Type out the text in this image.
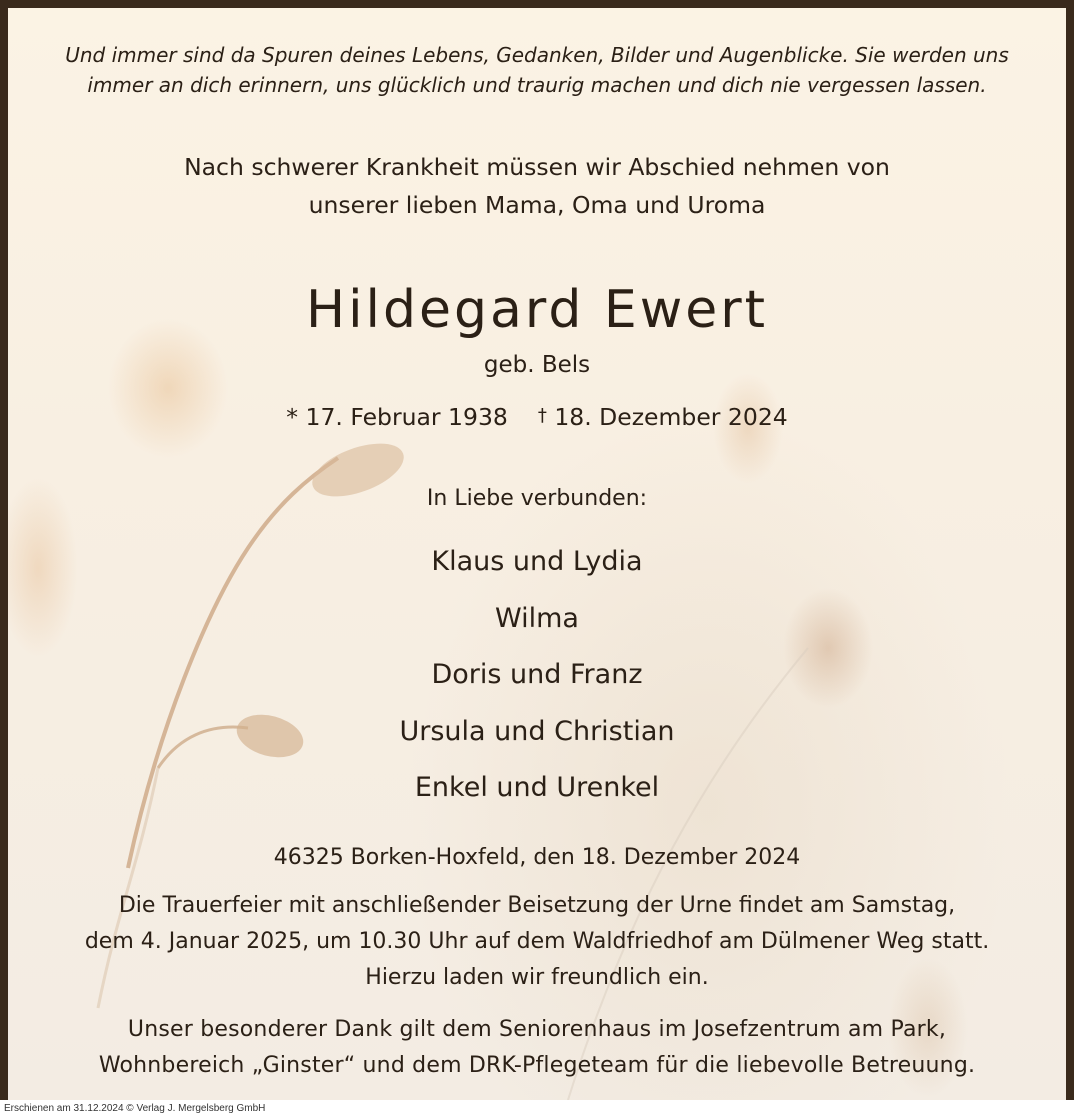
Und immer sind da Spuren deines Lebens, Gedanken, Bilder und Augenblicke. Sie werden uns
immer an dich erinnern, uns glücklich und traurig machen und dich nie vergessen lassen.
Nach schwerer Krankheit müssen wir Abschied nehmen von
unserer lieben Mama, Oma und Uroma
Hildegard Ewert
geb. Bels
* 17. Februar 1938 † 18. Dezember 2024
In Liebe verbunden:
Klaus und Lydia
Wilma
Doris und Franz
Ursula und Christian
Enkel und Urenkel
46325 Borken-Hoxfeld, den 18. Dezember 2024
Die Trauerfeier mit anschließender Beisetzung der Urne findet am Samstag,
dem 4. Januar 2025, um 10.30 Uhr auf dem Waldfriedhof am Dülmener Weg statt.
Hierzu laden wir freundlich ein.
Unser besonderer Dank gilt dem Seniorenhaus im Josefzentrum am Park,
Wohnbereich „Ginster“ und dem DRK-Pflegeteam für die liebevolle Betreuung.
Erschienen am 31.12.2024 © Verlag J. Mergelsberg GmbH
